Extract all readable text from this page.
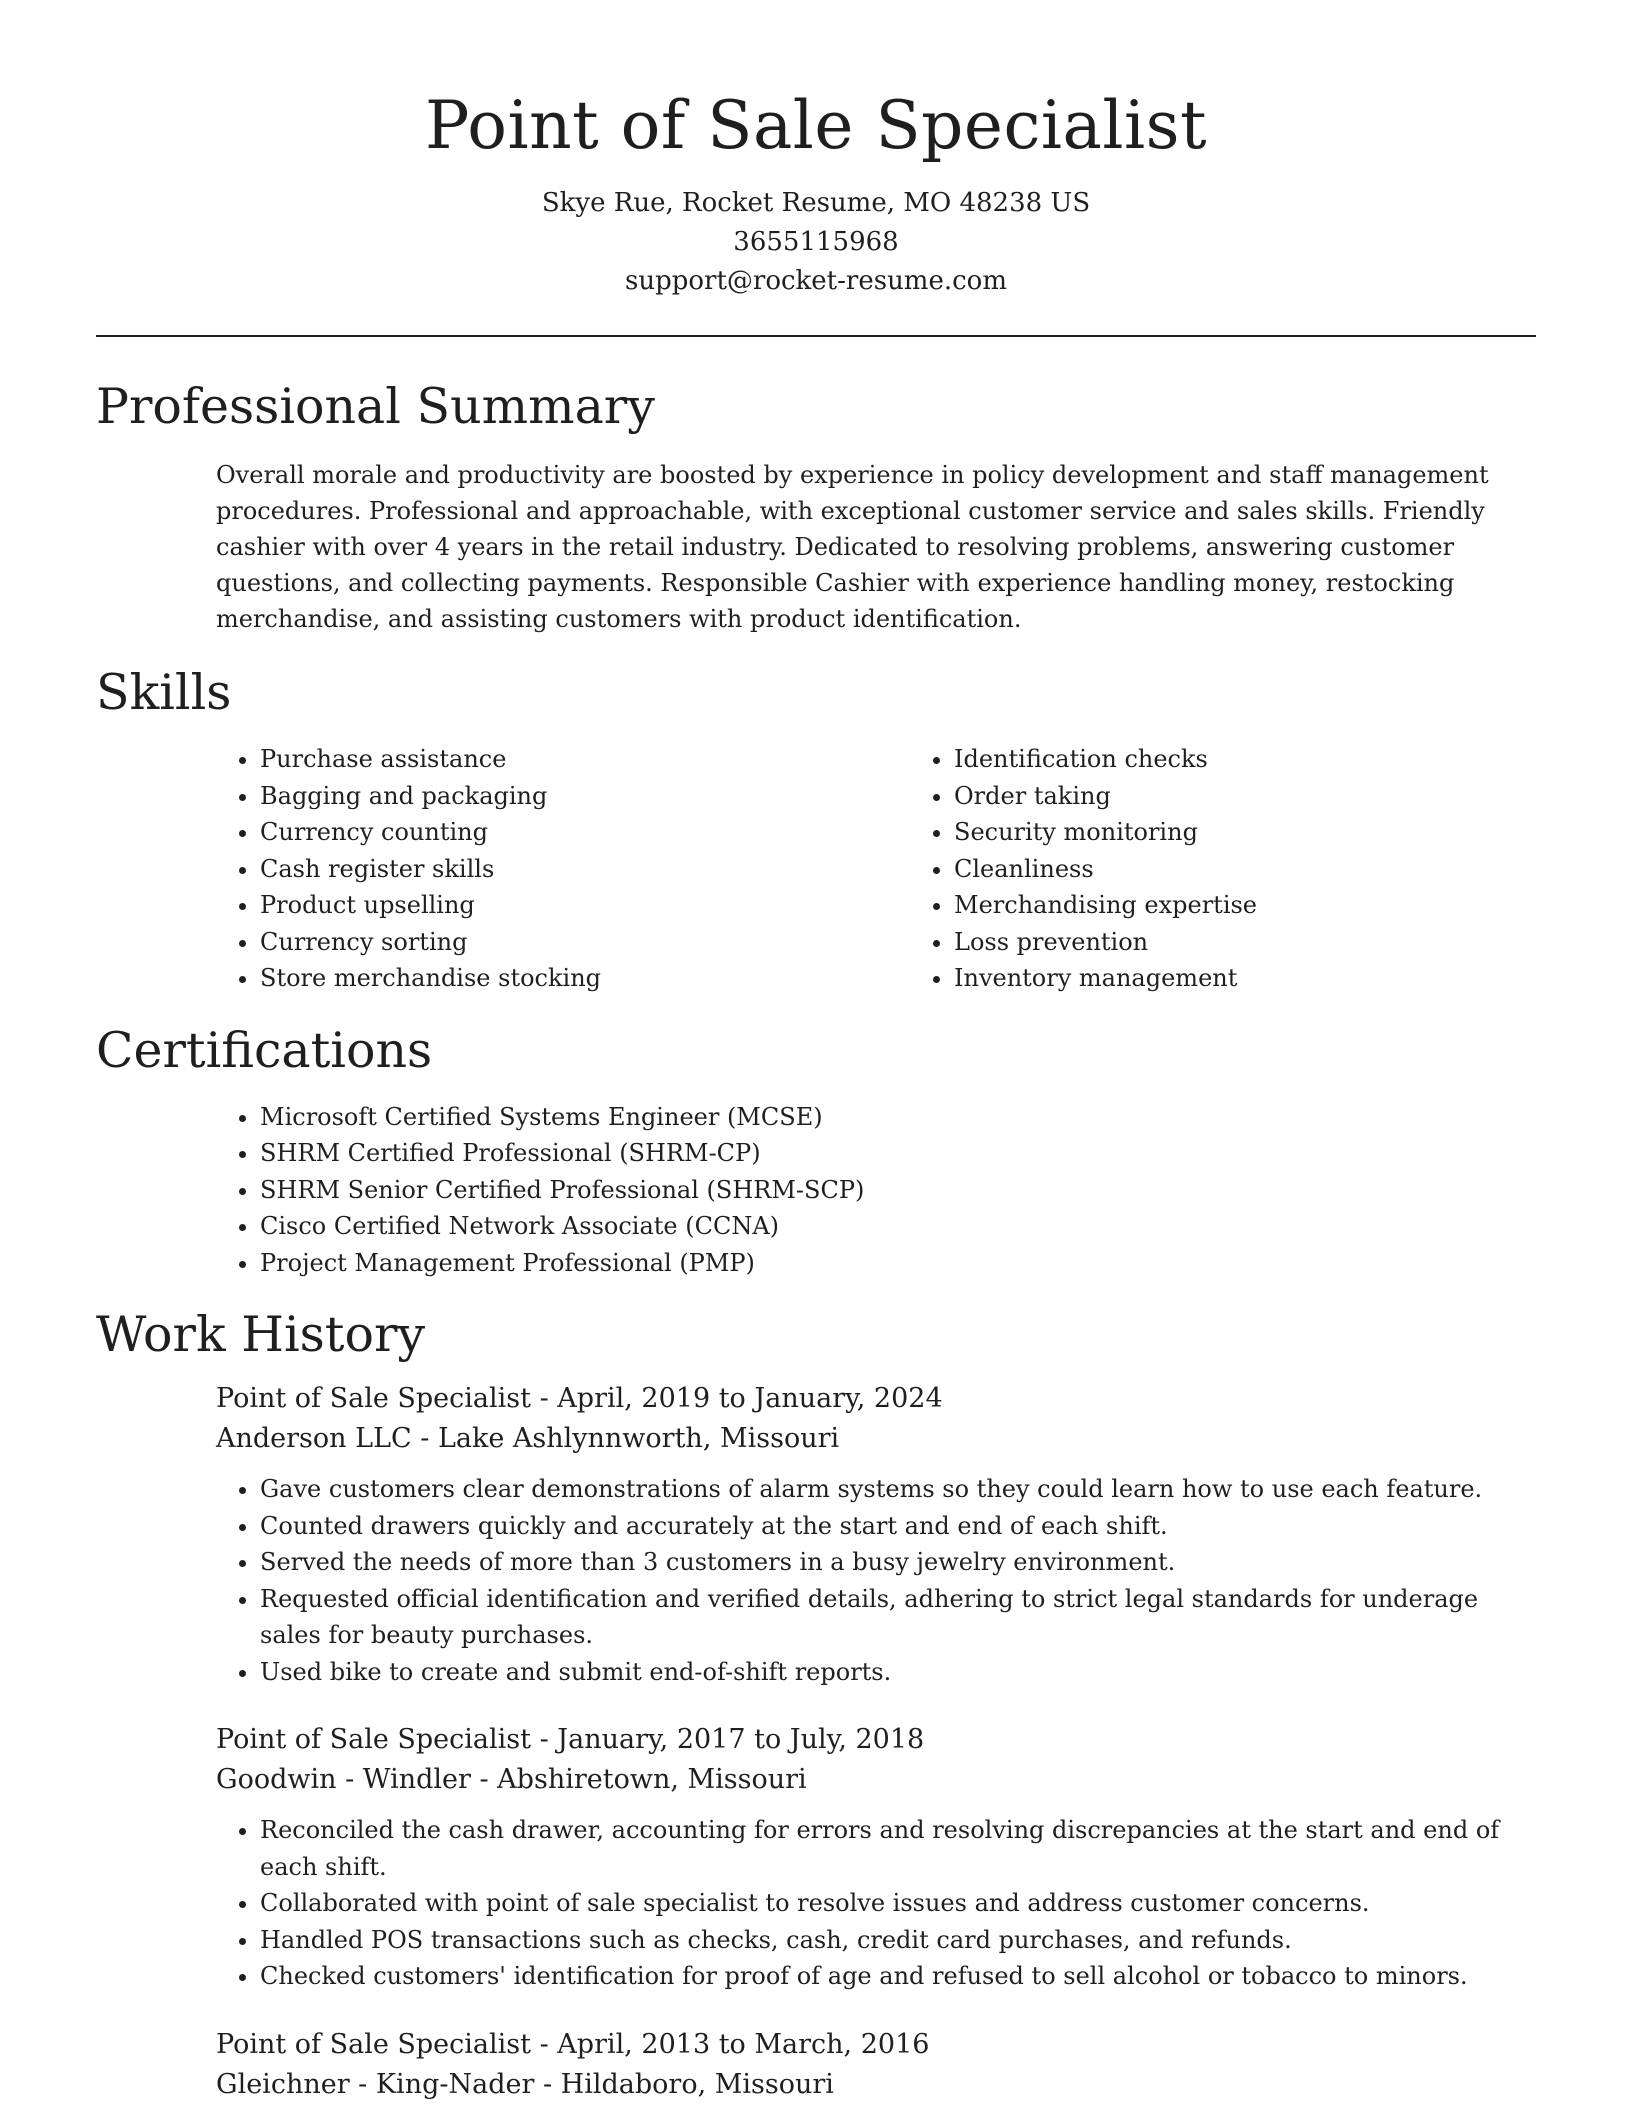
Point of Sale Specialist
Skye Rue, Rocket Resume, MO 48238 US
3655115968
support@rocket-resume.com
Professional Summary

Overall morale and productivity are boosted by experience in policy development and staff management procedures. Professional and approachable, with exceptional customer service and sales skills. Friendly cashier with over 4 years in the retail industry. Dedicated to resolving problems, answering customer questions, and collecting payments. Responsible Cashier with experience handling money, restocking merchandise, and assisting customers with product identification.

Skills
• Purchase assistance
• Bagging and packaging
• Currency counting
• Cash register skills
• Product upselling
• Currency sorting
• Store merchandise stocking
• Identification checks
• Order taking
• Security monitoring
• Cleanliness
• Merchandising expertise
• Loss prevention
• Inventory management
Certifications
• Microsoft Certified Systems Engineer (MCSE)
• SHRM Certified Professional (SHRM-CP)
• SHRM Senior Certified Professional (SHRM-SCP)
• Cisco Certified Network Associate (CCNA)
• Project Management Professional (PMP)
Work History
Point of Sale Specialist - April, 2019 to January, 2024
Anderson LLC - Lake Ashlynnworth, Missouri
• Gave customers clear demonstrations of alarm systems so they could learn how to use each feature.
• Counted drawers quickly and accurately at the start and end of each shift.
• Served the needs of more than 3 customers in a busy jewelry environment.
• Requested official identification and verified details, adhering to strict legal standards for underage sales for beauty purchases.
• Used bike to create and submit end-of-shift reports.
Point of Sale Specialist - January, 2017 to July, 2018
Goodwin - Windler - Abshiretown, Missouri
• Reconciled the cash drawer, accounting for errors and resolving discrepancies at the start and end of each shift.
• Collaborated with point of sale specialist to resolve issues and address customer concerns.
• Handled POS transactions such as checks, cash, credit card purchases, and refunds.
• Checked customers' identification for proof of age and refused to sell alcohol or tobacco to minors.
Point of Sale Specialist - April, 2013 to March, 2016
Gleichner - King-Nader - Hildaboro, Missouri
